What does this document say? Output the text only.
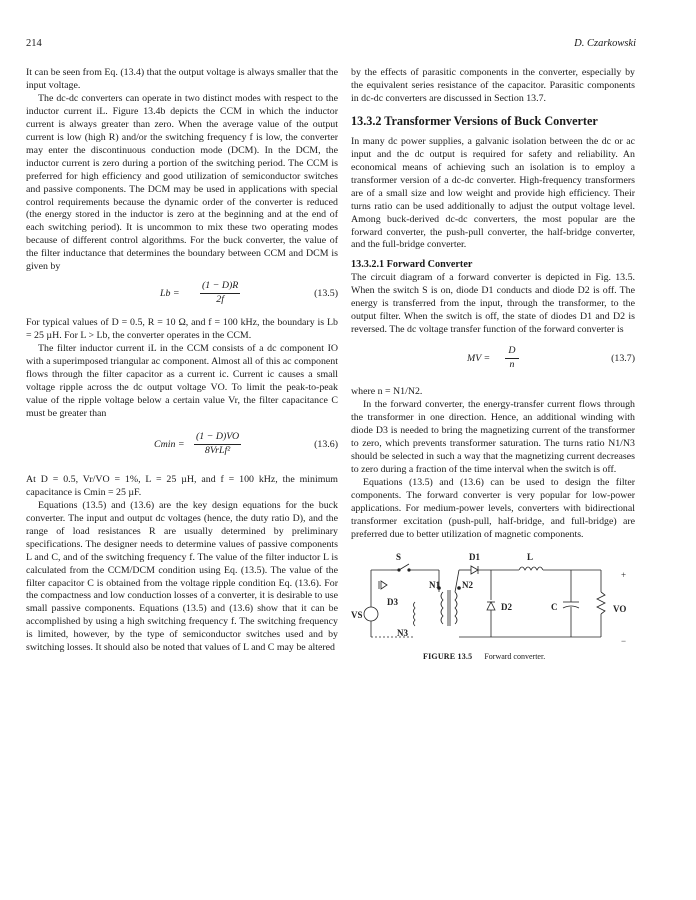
214	D. Czarkowski

It can be seen from Eq. (13.4) that the output voltage is always smaller that the input voltage.

The dc-dc converters can operate in two distinct modes with respect to the inductor current iL. Figure 13.4b depicts the CCM in which the inductor current is always greater than zero. When the average value of the output current is low (high R) and/or the switching frequency f is low, the converter may enter the discontinuous conduction mode (DCM). In the DCM, the inductor current is zero during a portion of the switching period. The CCM is preferred for high efficiency and good utilization of semiconductor switches and passive components. The DCM may be used in applications with special control requirements because the dynamic order of the converter is reduced (the energy stored in the inductor is zero at the beginning and at the end of each switching period). It is uncommon to mix these two operating modes because of different control algorithms. For the buck converter, the value of the filter inductance that determines the boundary between CCM and DCM is given by

$Lb = \frac{(1 - D)R}{2f}$	(13.5)

For typical values of D = 0.5, R = 10 Ω, and f = 100 kHz, the boundary is Lb = 25 µH. For L > Lb, the converter operates in the CCM.

The filter inductor current iL in the CCM consists of a dc component IO with a superimposed triangular ac component. Almost all of this ac component flows through the filter capacitor as a current ic. Current ic causes a small voltage ripple across the dc output voltage VO. To limit the peak-to-peak value of the ripple voltage below a certain value Vr, the filter capacitance C must be greater than

Cmin =
(1 − D)VO
8VrLf²
(13.6)

At D = 0.5, Vr/VO = 1%, L = 25 µH, and f = 100 kHz, the minimum capacitance is Cmin = 25 µF.

Equations (13.5) and (13.6) are the key design equations for the buck converter. The input and output dc voltages (hence, the duty ratio D), and the range of load resistances R are usually determined by preliminary specifications. The designer needs to determine values of passive components L and C, and of the switching frequency f. The value of the filter inductor L is calculated from the CCM/DCM condition using Eq. (13.5). The value of the filter capacitor C is obtained from the voltage ripple condition Eq. (13.6). For the compactness and low conduction losses of a converter, it is desirable to use small passive components. Equations (13.5) and (13.6) show that it can be accomplished by using a high switching frequency f. The switching frequency is limited, however, by the type of semiconductor switches used and by switching losses. It should also be noted that values of L and C may be altered

by the effects of parasitic components in the converter, especially by the equivalent series resistance of the capacitor. Parasitic components in dc-dc converters are discussed in Section 13.7.

13.3.2 Transformer Versions of Buck Converter

In many dc power supplies, a galvanic isolation between the dc or ac input and the dc output is required for safety and reliability. An economical means of achieving such an isolation is to employ a transformer version of a dc-dc converter. High-frequency transformers are of a small size and low weight and provide high efficiency. Their turns ratio can be used additionally to adjust the output voltage level. Among buck-derived dc-dc converters, the most popular are the forward converter, the push-pull converter, the half-bridge converter, and the full-bridge converter.

13.3.2.1 Forward Converter

The circuit diagram of a forward converter is depicted in Fig. 13.5. When the switch S is on, diode D1 conducts and diode D2 is off. The energy is transferred from the input, through the transformer, to the output filter. When the switch is off, the state of diodes D1 and D2 is reversed. The dc voltage transfer function of the forward converter is

MV = $\frac{D}{n}$	(13.7)

where n = N1/N2.

In the forward converter, the energy-transfer current flows through the transformer in one direction. Hence, an additional winding with diode D3 is needed to bring the magnetizing current of the transformer to zero, which prevents transformer saturation. The turns ratio N1/N3 should be selected in such a way that the magnetizing current decreases to zero during a fraction of the time interval when the switch is off.

Equations (13.5) and (13.6) can be used to design the filter components. The forward converter is very popular for low-power applications. For medium-power levels, converters with bidirectional transformer excitation (push-pull, half-bridge, and full-bridge) are preferred due to better utilization of magnetic components.

S	D1	L
N1 N2
D3
N3
VS
D2	C	VO
+
−
FIGURE 13.5 Forward converter.
